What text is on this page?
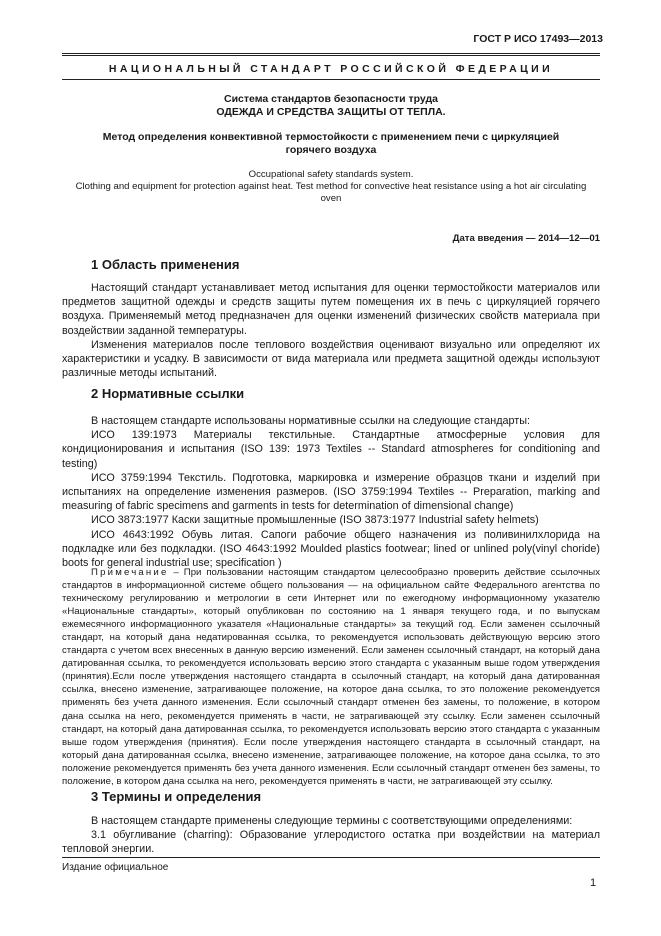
ГОСТ Р ИСО 17493—2013
НАЦИОНАЛЬНЫЙ СТАНДАРТ РОССИЙСКОЙ ФЕДЕРАЦИИ
Система стандартов безопасности труда
ОДЕЖДА И СРЕДСТВА ЗАЩИТЫ ОТ ТЕПЛА.
Метод определения конвективной термостойкости с применением печи с циркуляцией
горячего воздуха
Occupational safety standards system.
Clothing and equipment for protection against heat. Test method for convective heat resistance using a hot air circulating
oven
Дата введения — 2014—12—01
1 Область применения
Настоящий стандарт устанавливает метод испытания для оценки термостойкости материалов или предметов защитной одежды и средств защиты путем помещения их в печь с циркуляцией горячего воздуха. Применяемый метод предназначен для оценки изменений физических свойств материала при воздействии заданной температуры.
Изменения материалов после теплового воздействия оценивают визуально или определяют их характеристики и усадку. В зависимости от вида материала или предмета защитной одежды используют различные методы испытаний.
2 Нормативные ссылки
В настоящем стандарте использованы нормативные ссылки на следующие стандарты:
ИСО 139:1973 Материалы текстильные. Стандартные атмосферные условия для кондиционирования и испытания (ISO 139: 1973 Textiles -- Standard atmospheres for conditioning and testing)
ИСО 3759:1994 Текстиль. Подготовка, маркировка и измерение образцов ткани и изделий при испытаниях на определение изменения размеров. (ISO 3759:1994 Textiles -- Preparation, marking and measuring of fabric specimens and garments in tests for determination of dimensional change)
ИСО 3873:1977 Каски защитные промышленные (ISO 3873:1977 Industrial safety helmets)
ИСО 4643:1992 Обувь литая. Сапоги рабочие общего назначения из поливинилхлорида на подкладке или без подкладки. (ISO 4643:1992 Moulded plastics footwear; lined or unlined poly(vinyl choride) boots for general industrial use; specification )
Примечание – При пользовании настоящим стандартом целесообразно проверить действие ссылочных стандартов в информационной системе общего пользования — на официальном сайте Федерального агентства по техническому регулированию и метрологии в сети Интернет или по ежегодному информационному указателю «Национальные стандарты», который опубликован по состоянию на 1 января текущего года, и по выпускам ежемесячного информационного указателя «Национальные стандарты» за текущий год. Если заменен ссылочный стандарт, на который дана недатированная ссылка, то рекомендуется использовать действующую версию этого стандарта с учетом всех внесенных в данную версию изменений. Если заменен ссылочный стандарт, на который дана датированная ссылка, то рекомендуется использовать версию этого стандарта с указанным выше годом утверждения (принятия).Если после утверждения настоящего стандарта в ссылочный стандарт, на который дана датированная ссылка, внесено изменение, затрагивающее положение, на которое дана ссылка, то это положение рекомендуется применять без учета данного изменения. Если ссылочный стандарт отменен без замены, то положение, в котором дана ссылка на него, рекомендуется применять в части, не затрагивающей эту ссылку. Если заменен ссылочный стандарт, на который дана датированная ссылка, то рекомендуется использовать версию этого стандарта с указанным выше годом утверждения (принятия). Если после утверждения настоящего стандарта в ссылочный стандарт, на который дана датированная ссылка, внесено изменение, затрагивающее положение, на которое дана ссылка, то это положение рекомендуется применять без учета данного изменения. Если ссылочный стандарт отменен без замены, то положение, в котором дана ссылка на него, рекомендуется применять в части, не затрагивающей эту ссылку.
3 Термины и определения
В настоящем стандарте применены следующие термины с соответствующими определениями:
3.1 обугливание (charring): Образование углеродистого остатка при воздействии на материал тепловой энергии.
Издание официальное
1
